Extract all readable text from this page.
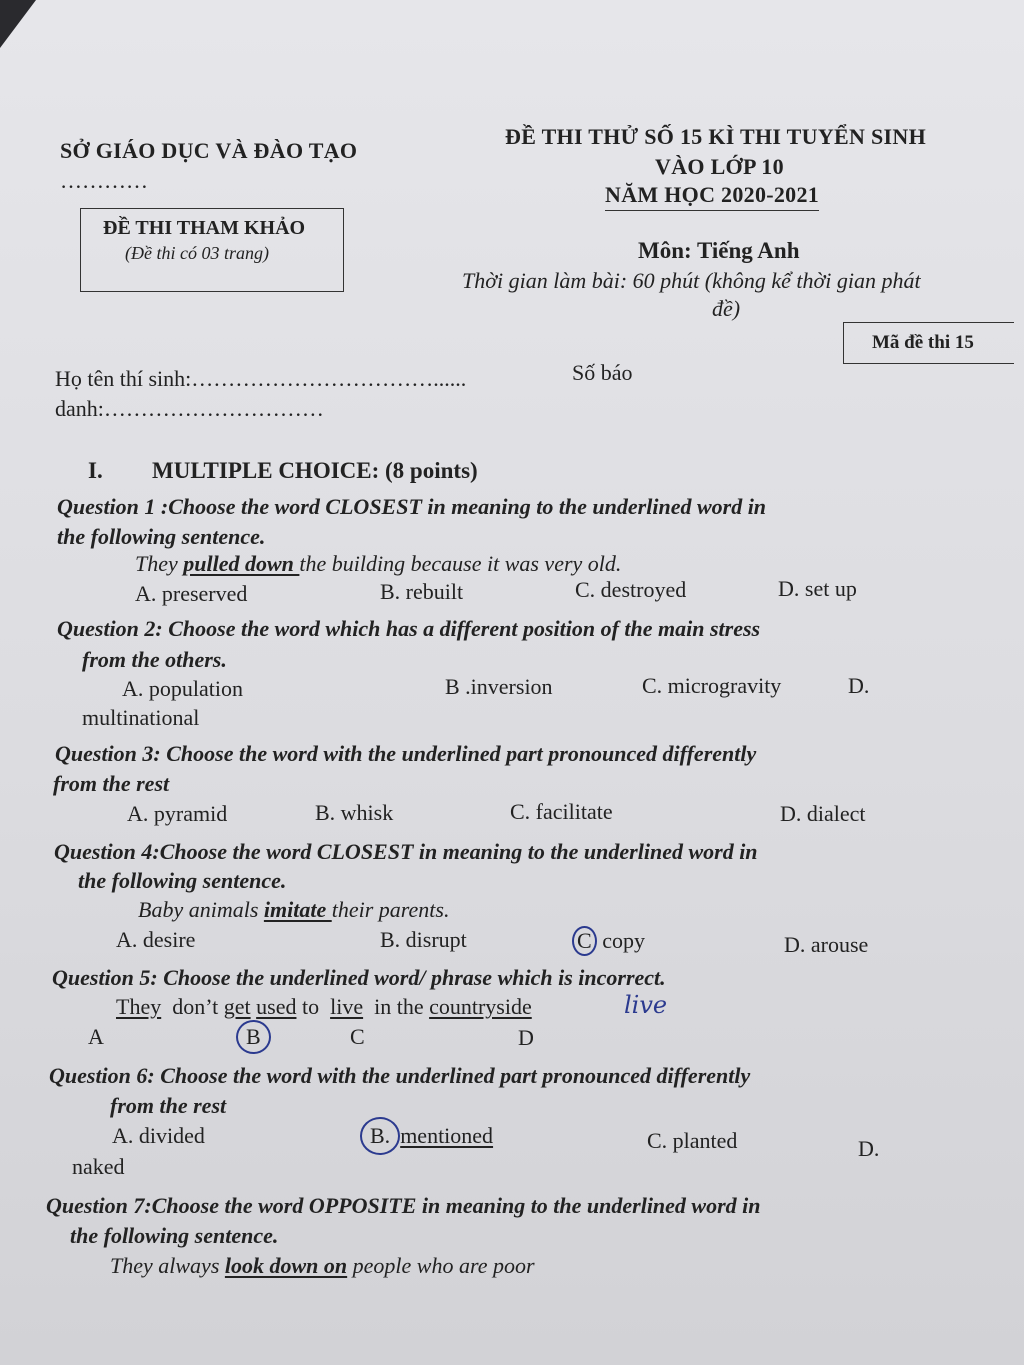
SỞ GIÁO DỤC VÀ ĐÀO TẠO
…………
ĐỀ THI THỬ SỐ 15 KÌ THI TUYỂN SINH
VÀO LỚP 10
NĂM HỌC 2020-2021
ĐỀ THI THAM KHẢO
(Đề thi có 03 trang)	Môn: Tiếng Anh
Thời gian làm bài: 60 phút (không kể thời gian phát
đề)
Mã đề thi 15
Họ tên thí sinh:……………………………......	Số báo
danh:…………………………
I. MULTIPLE CHOICE: (8 points)
Question 1 :Choose the word CLOSEST in meaning to the underlined word in
the following sentence.
They pulled down the building because it was very old.
A. preserved	B. rebuilt	C. destroyed	D. set up
Question 2: Choose the word which has a different position of the main stress
from the others.
A. population	B .inversion	C. microgravity	D.
multinational
Question 3: Choose the word with the underlined part pronounced differently
from the rest
A. pyramid	B. whisk	C. facilitate	D. dialect
Question 4:Choose the word CLOSEST in meaning to the underlined word in
the following sentence.
Baby animals imitate their parents.
A. desire	B. disrupt	C copy	D. arouse
Question 5: Choose the underlined word/ phrase which is incorrect.
They don’t get used to live in the countryside	live
A	B	C	D
Question 6: Choose the word with the underlined part pronounced differently
from the rest
A. divided	B. mentioned	C. planted	D.
naked
Question 7:Choose the word OPPOSITE in meaning to the underlined word in
the following sentence.
They always look down on people who are poor
